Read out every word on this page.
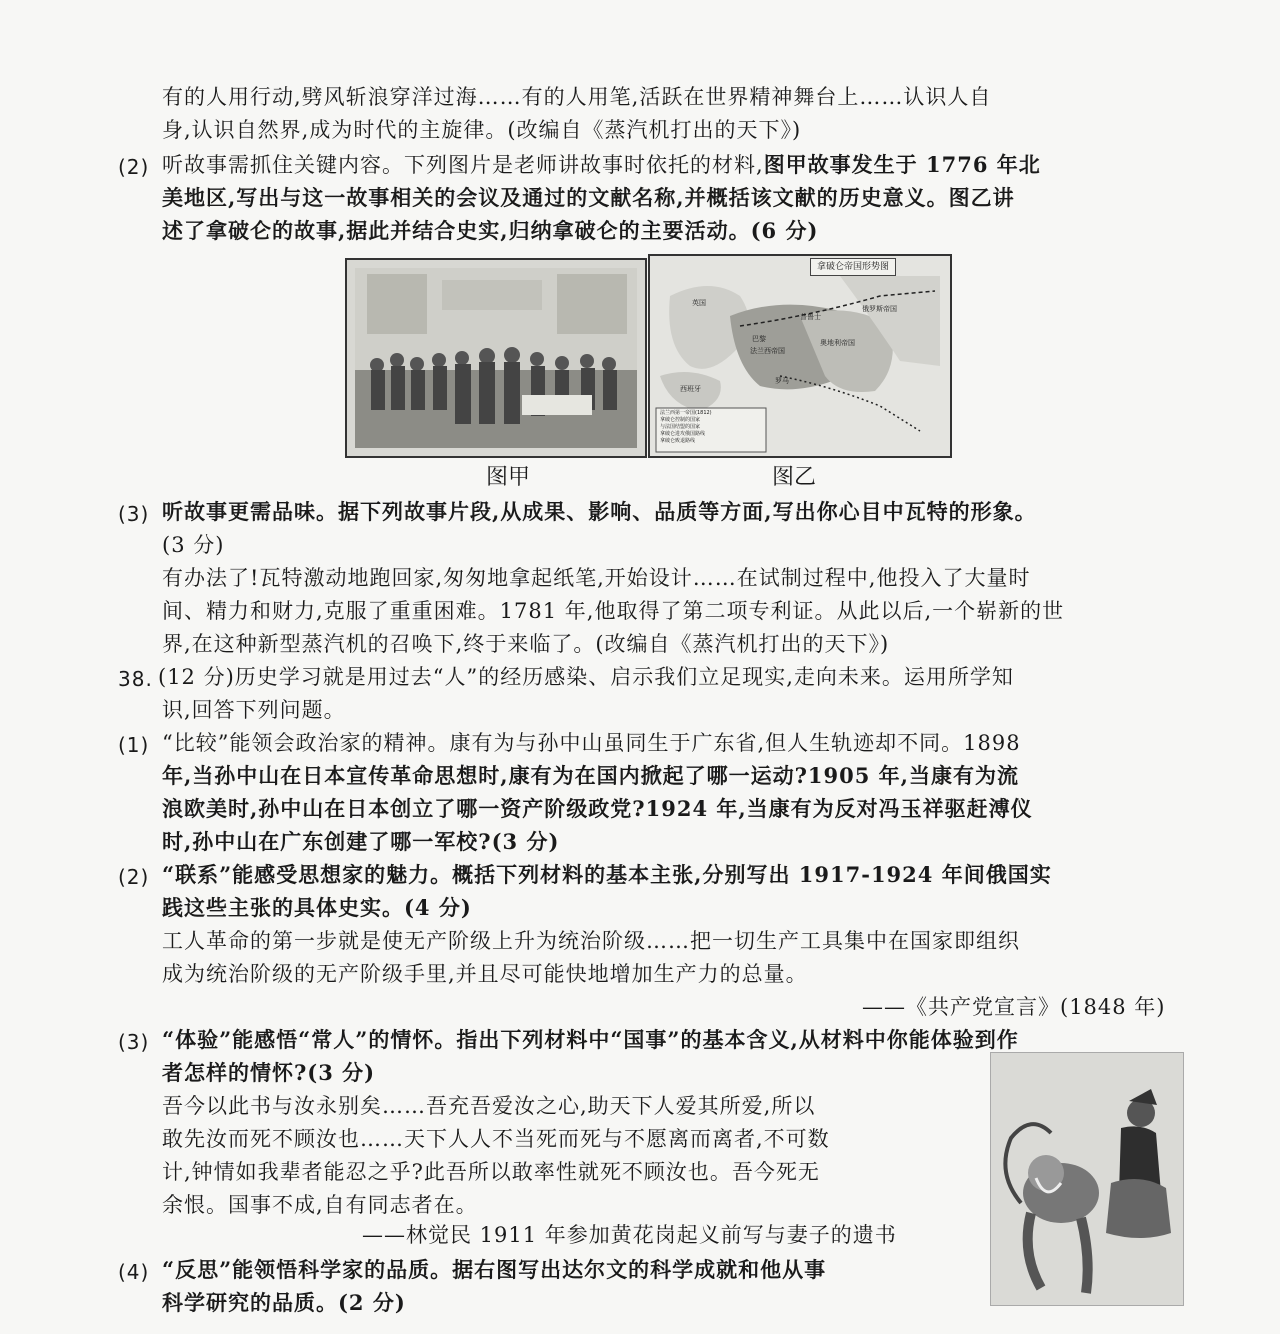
有的人用行动,劈风斩浪穿洋过海……有的人用笔,活跃在世界精神舞台上……认识人自
身,认识自然界,成为时代的主旋律。(改编自《蒸汽机打出的天下》)
(2) 听故事需抓住关键内容。下列图片是老师讲故事时依托的材料,图甲故事发生于 1776 年北
美地区,写出与这一故事相关的会议及通过的文献名称,并概括该文献的历史意义。图乙讲
述了拿破仑的故事,据此并结合史实,归纳拿破仑的主要活动。(6 分)
拿破仑帝国形势图
英国
俄罗斯帝国
普鲁士
巴黎
法兰西帝国
奥地利帝国
西班牙
罗马
法兰西第一帝国(1812)
拿破仑控制的国家
与法国结盟的国家
拿破仑进攻俄国路线
拿破仑败退路线
图甲	图乙
(3) 听故事更需品味。据下列故事片段,从成果、影响、品质等方面,写出你心目中瓦特的形象。
(3 分)
有办法了!瓦特激动地跑回家,匆匆地拿起纸笔,开始设计……在试制过程中,他投入了大量时
间、精力和财力,克服了重重困难。1781 年,他取得了第二项专利证。从此以后,一个崭新的世
界,在这种新型蒸汽机的召唤下,终于来临了。(改编自《蒸汽机打出的天下》)
38. (12 分)历史学习就是用过去“人”的经历感染、启示我们立足现实,走向未来。运用所学知
识,回答下列问题。
(1) “比较”能领会政治家的精神。康有为与孙中山虽同生于广东省,但人生轨迹却不同。1898
年,当孙中山在日本宣传革命思想时,康有为在国内掀起了哪一运动?1905 年,当康有为流
浪欧美时,孙中山在日本创立了哪一资产阶级政党?1924 年,当康有为反对冯玉祥驱赶溥仪
时,孙中山在广东创建了哪一军校?(3 分)
(2) “联系”能感受思想家的魅力。概括下列材料的基本主张,分别写出 1917-1924 年间俄国实
践这些主张的具体史实。(4 分)
工人革命的第一步就是使无产阶级上升为统治阶级……把一切生产工具集中在国家即组织
成为统治阶级的无产阶级手里,并且尽可能快地增加生产力的总量。
——《共产党宣言》(1848 年)
(3) “体验”能感悟“常人”的情怀。指出下列材料中“国事”的基本含义,从材料中你能体验到作
者怎样的情怀?(3 分)
吾今以此书与汝永别矣……吾充吾爱汝之心,助天下人爱其所爱,所以
敢先汝而死不顾汝也……天下人人不当死而死与不愿离而离者,不可数
计,钟情如我辈者能忍之乎?此吾所以敢率性就死不顾汝也。吾今死无
余恨。国事不成,自有同志者在。
——林觉民 1911 年参加黄花岗起义前写与妻子的遗书
(4) “反思”能领悟科学家的品质。据右图写出达尔文的科学成就和他从事
科学研究的品质。(2 分)
